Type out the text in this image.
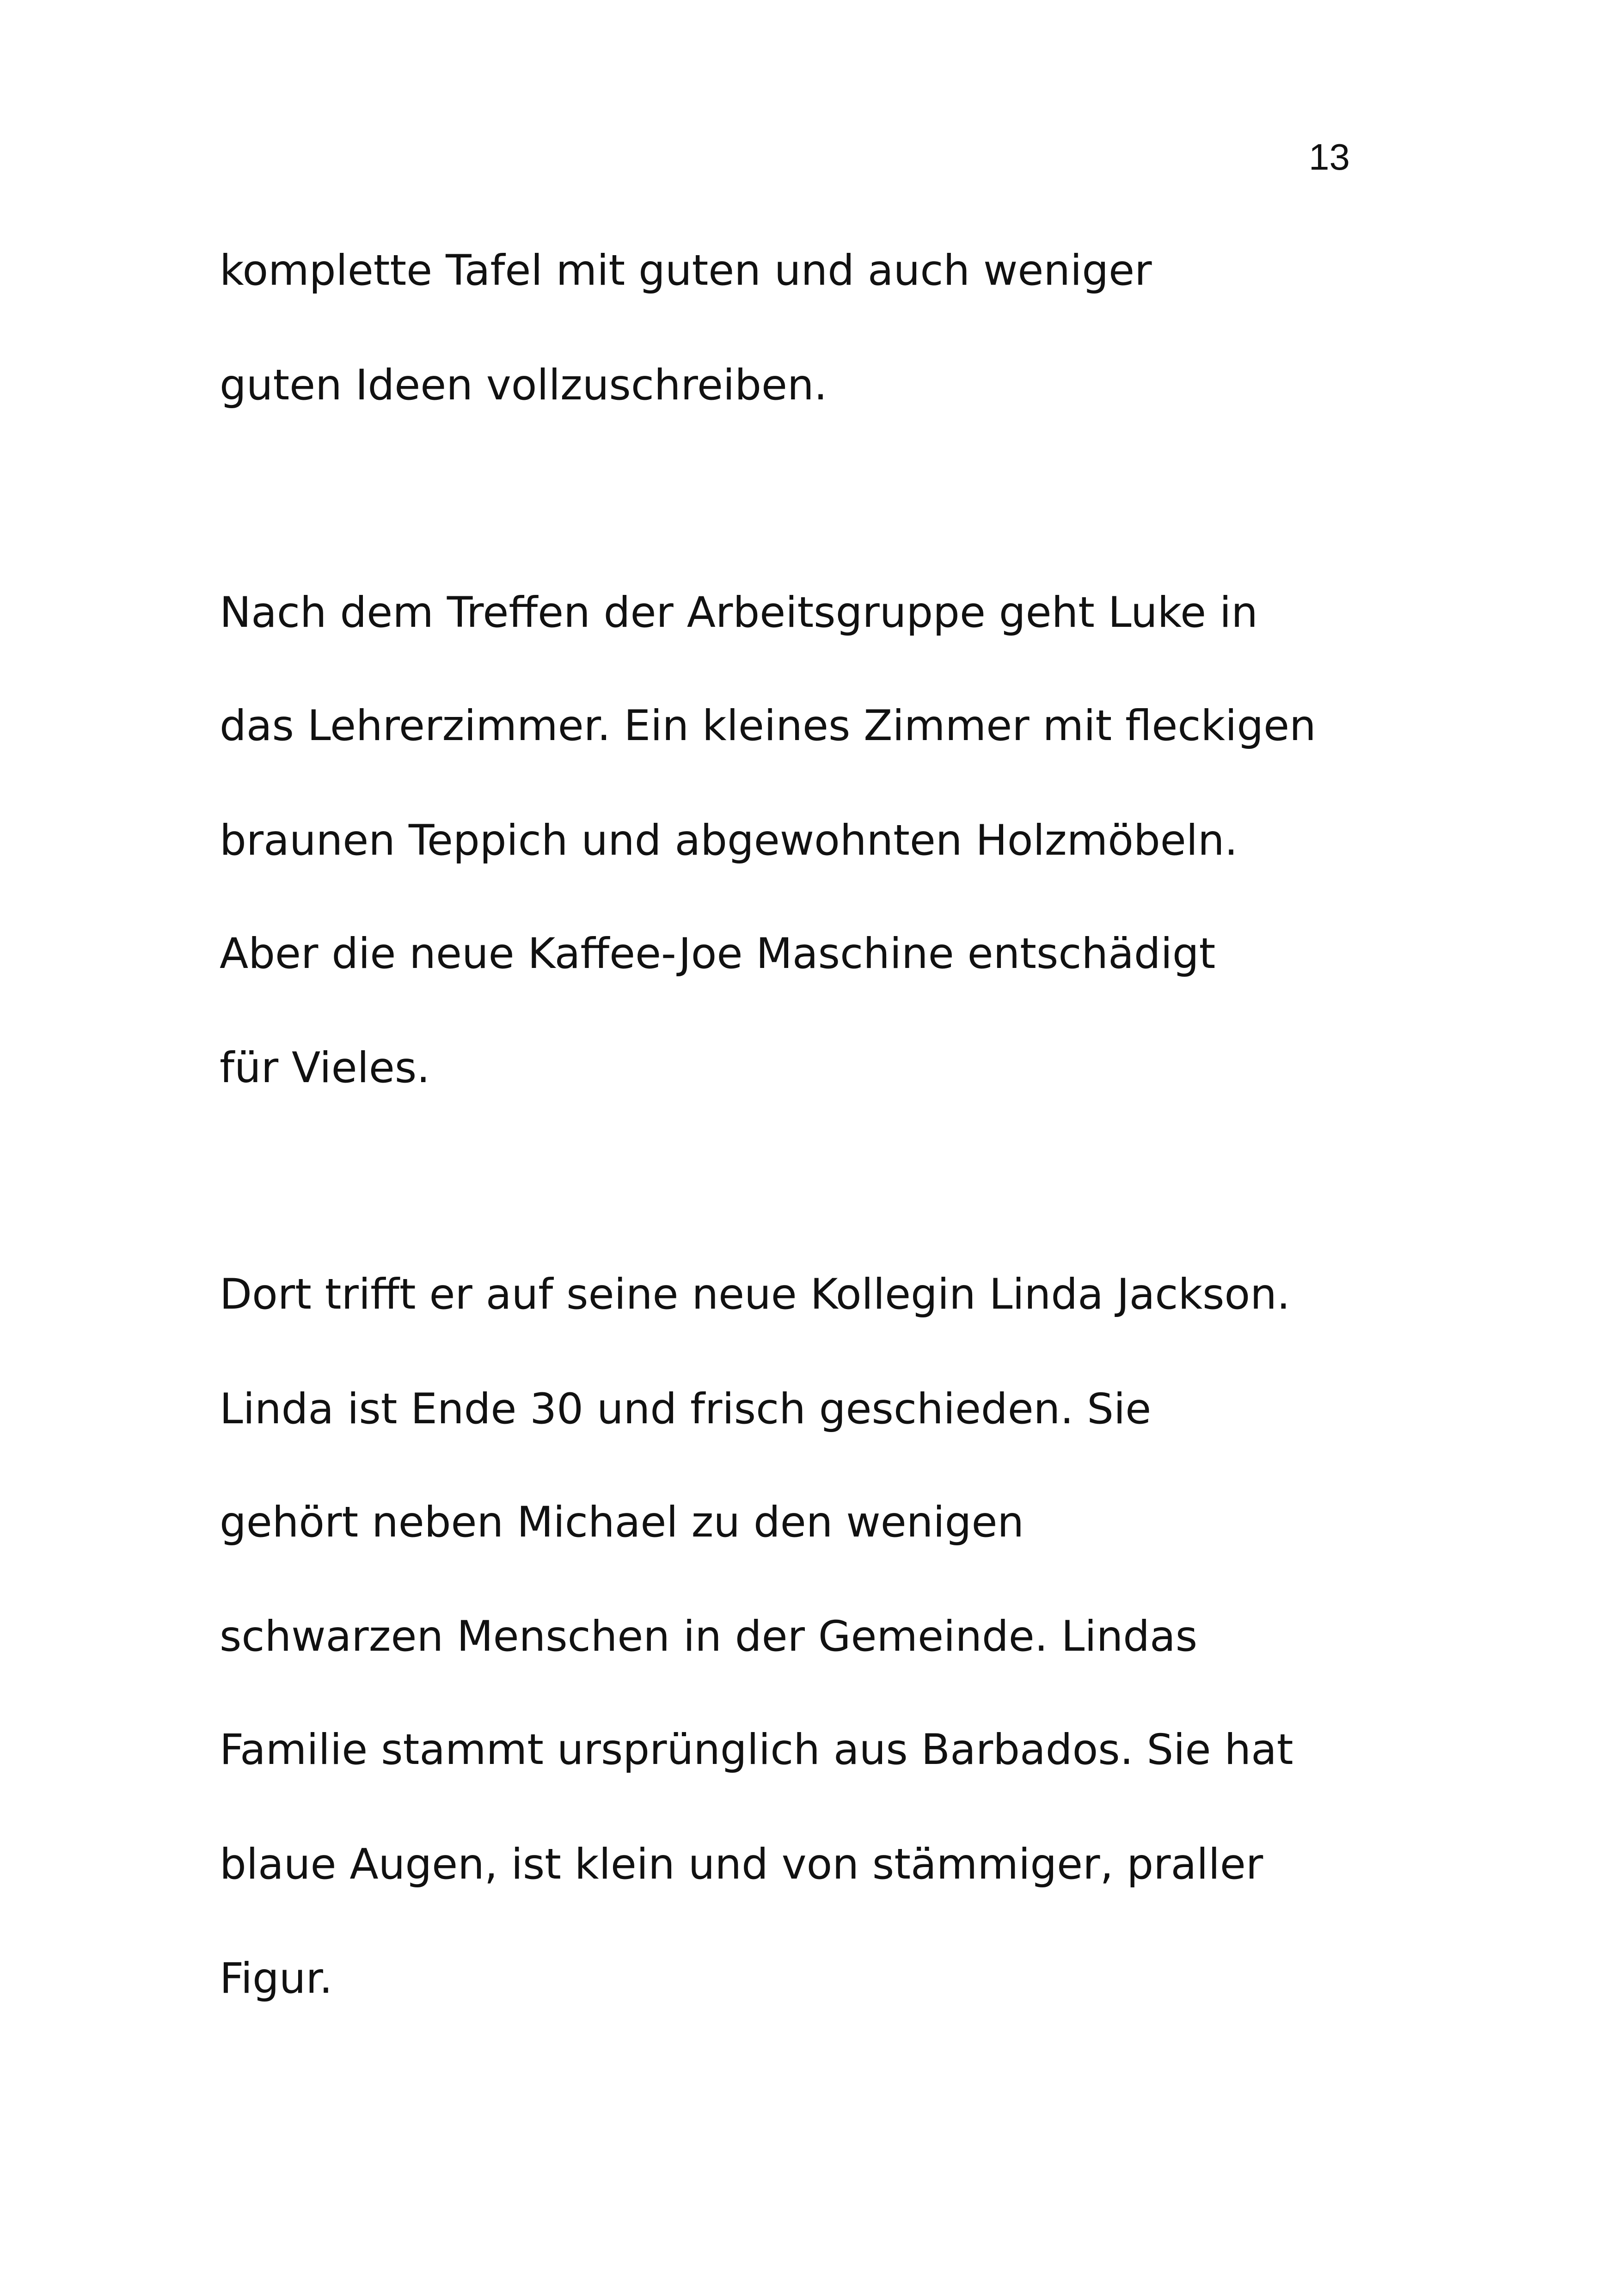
13

komplette Tafel mit guten und auch weniger

guten Ideen vollzuschreiben.

Nach dem Treffen der Arbeitsgruppe geht Luke in

das Lehrerzimmer. Ein kleines Zimmer mit fleckigen

braunen Teppich und abgewohnten Holzmöbeln.

Aber die neue Kaffee-Joe Maschine entschädigt

für Vieles.

Dort trifft er auf seine neue Kollegin Linda Jackson.

Linda ist Ende 30 und frisch geschieden. Sie

gehört neben Michael zu den wenigen

schwarzen Menschen in der Gemeinde. Lindas

Familie stammt ursprünglich aus Barbados. Sie hat

blaue Augen, ist klein und von stämmiger, praller

Figur.
